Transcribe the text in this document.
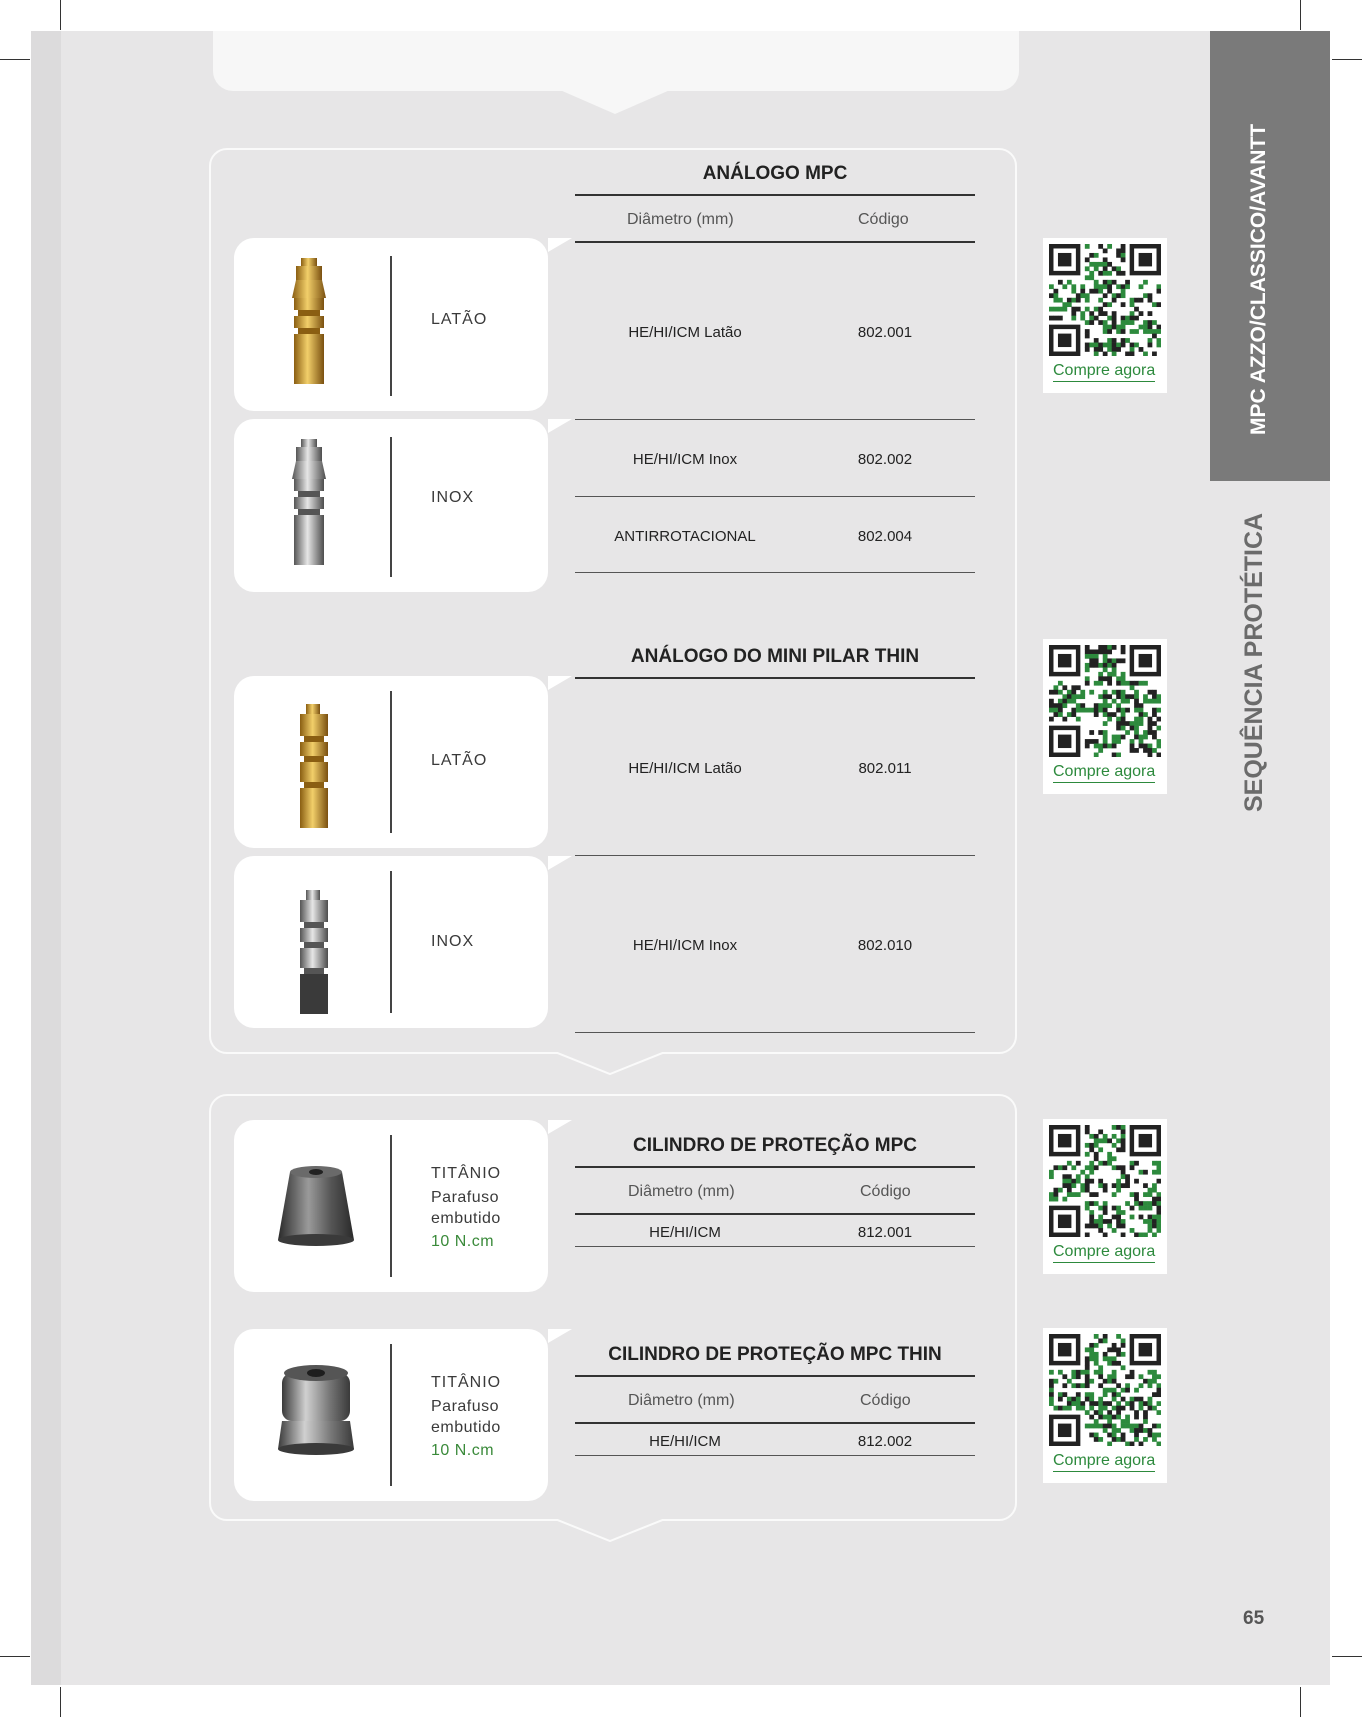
ANÁLOGO MPC
Diâmetro (mm)	Código
LATÃO
HE/HI/ICM Latão	802.001
INOX
HE/HI/ICM Inox	802.002
ANTIRROTACIONAL	802.004
ANÁLOGO DO MINI PILAR THIN
LATÃO	HE/HI/ICM Latão	802.011
INOX	HE/HI/ICM Inox	802.010
TITÂNIO
Parafuso
embutido
10 N.cm
CILINDRO DE PROTEÇÃO MPC
Diâmetro (mm)	Código
HE/HI/ICM	812.001
TITÂNIO
Parafuso
embutido
10 N.cm
CILINDRO DE PROTEÇÃO MPC THIN
Diâmetro (mm)	Código
HE/HI/ICM	812.002
Compre agora
Compre agora
Compre agora
Compre agora
MPC AZZO/CLASSICO/AVANTT
SEQUÊNCIA PROTÉTICA
65
